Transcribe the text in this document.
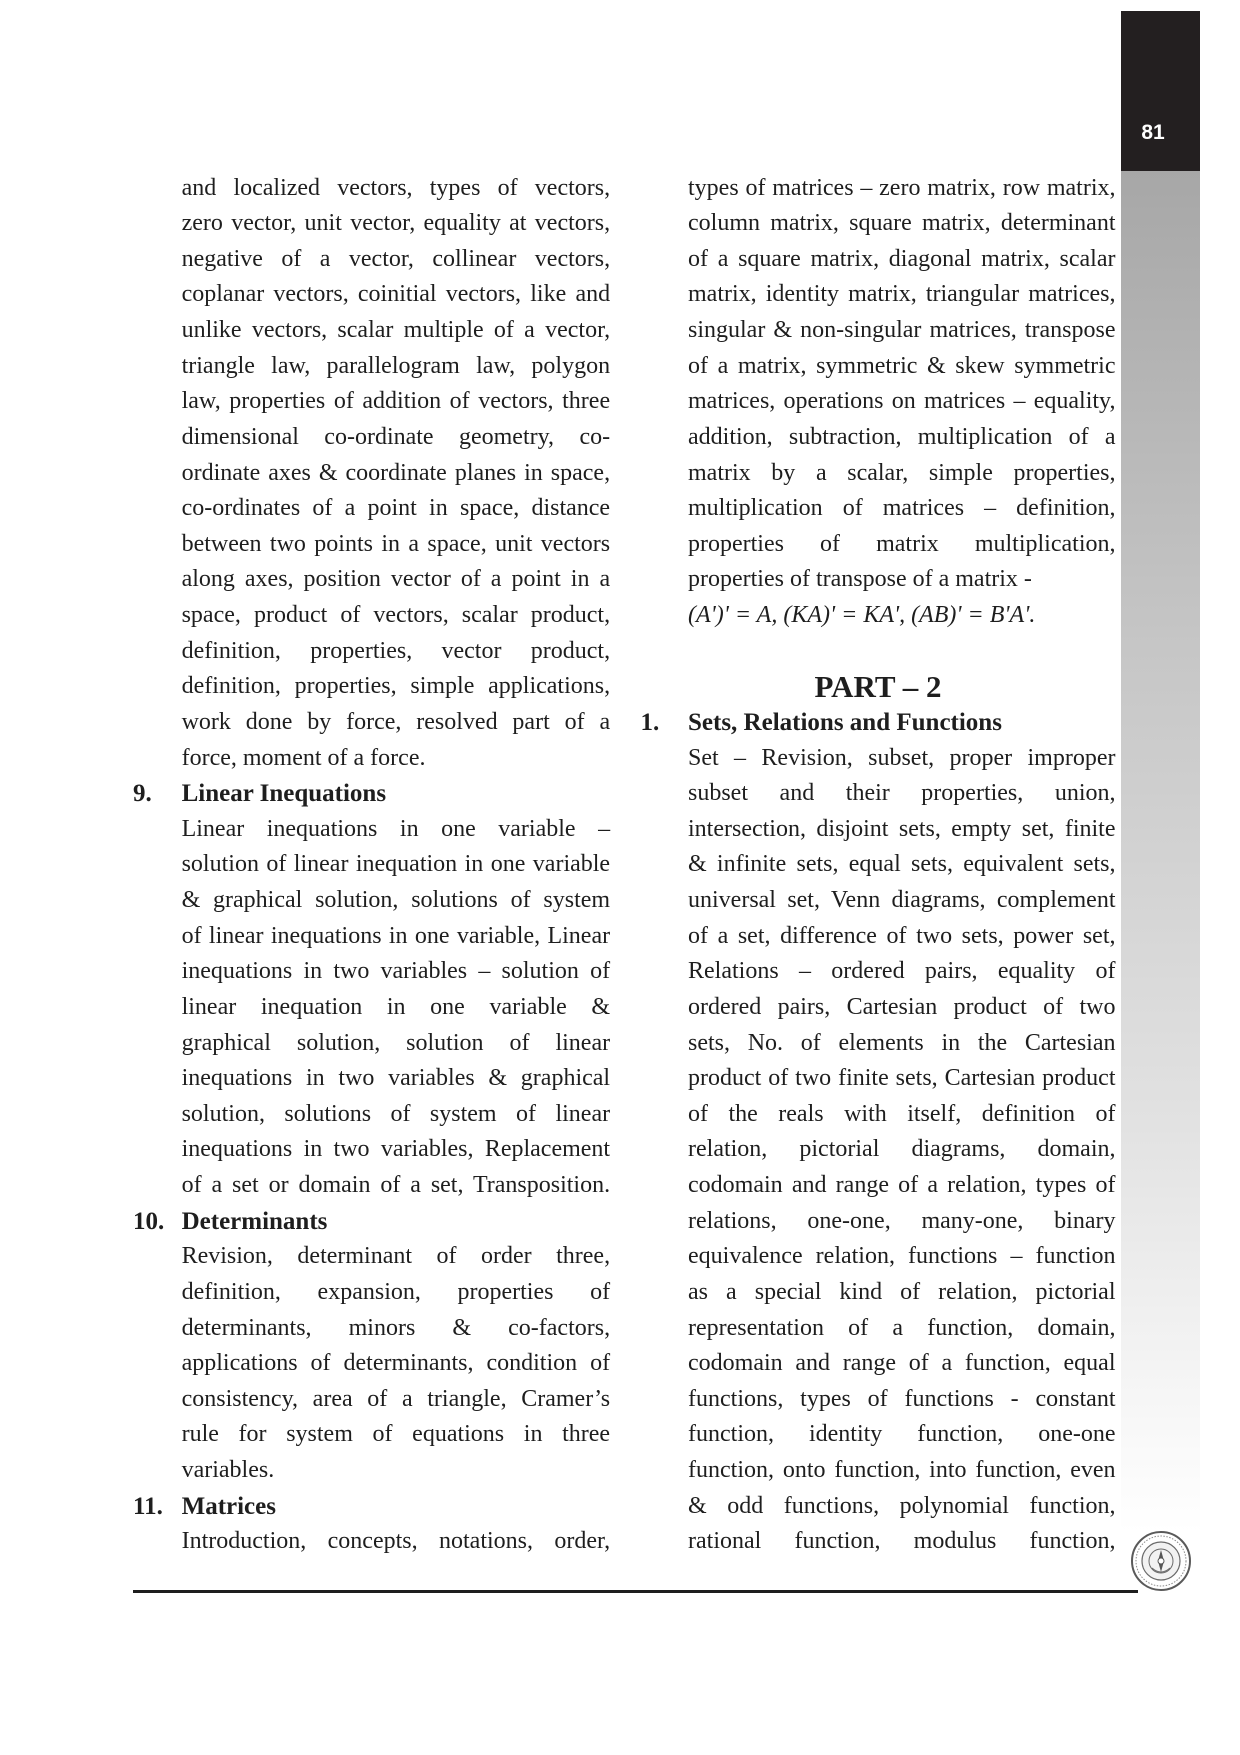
81
and localized vectors, types of vectors,
zero vector, unit vector, equality at vectors,
negative of a vector, collinear vectors,
coplanar vectors, coinitial vectors, like and
unlike vectors, scalar multiple of a vector,
triangle law, parallelogram law, polygon
law, properties of addition of vectors, three
dimensional co-ordinate geometry, co-
ordinate axes & coordinate planes in space,
co-ordinates of a point in space, distance
between two points in a space, unit vectors
along axes, position vector of a point in a
space, product of vectors, scalar product,
definition, properties, vector product,
definition, properties, simple applications,
work done by force, resolved part of a
force, moment of a force.
9. Linear Inequations
Linear inequations in one variable –
solution of linear inequation in one variable
& graphical solution, solutions of system
of linear inequations in one variable, Linear
inequations in two variables – solution of
linear inequation in one variable &
graphical solution, solution of linear
inequations in two variables & graphical
solution, solutions of system of linear
inequations in two variables, Replacement
of a set or domain of a set, Transposition.
10. Determinants
Revision, determinant of order three,
definition, expansion, properties of
determinants, minors & co-factors,
applications of determinants, condition of
consistency, area of a triangle, Cramer’s
rule for system of equations in three
variables.
11. Matrices
Introduction, concepts, notations, order,
types of matrices – zero matrix, row matrix,
column matrix, square matrix, determinant
of a square matrix, diagonal matrix, scalar
matrix, identity matrix, triangular matrices,
singular & non-singular matrices, transpose
of a matrix, symmetric & skew symmetric
matrices, operations on matrices – equality,
addition, subtraction, multiplication of a
matrix by a scalar, simple properties,
multiplication of matrices – definition,
properties of matrix multiplication,
properties of transpose of a matrix -
(A')' = A, (KA)' = KA', (AB)' = B'A'.
PART – 2
1. Sets, Relations and Functions
Set – Revision, subset, proper improper
subset and their properties, union,
intersection, disjoint sets, empty set, finite
& infinite sets, equal sets, equivalent sets,
universal set, Venn diagrams, complement
of a set, difference of two sets, power set,
Relations – ordered pairs, equality of
ordered pairs, Cartesian product of two
sets, No. of elements in the Cartesian
product of two finite sets, Cartesian product
of the reals with itself, definition of
relation, pictorial diagrams, domain,
codomain and range of a relation, types of
relations, one-one, many-one, binary
equivalence relation, functions – function
as a special kind of relation, pictorial
representation of a function, domain,
codomain and range of a function, equal
functions, types of functions - constant
function, identity function, one-one
function, onto function, into function, even
& odd functions, polynomial function,
rational function, modulus function,
